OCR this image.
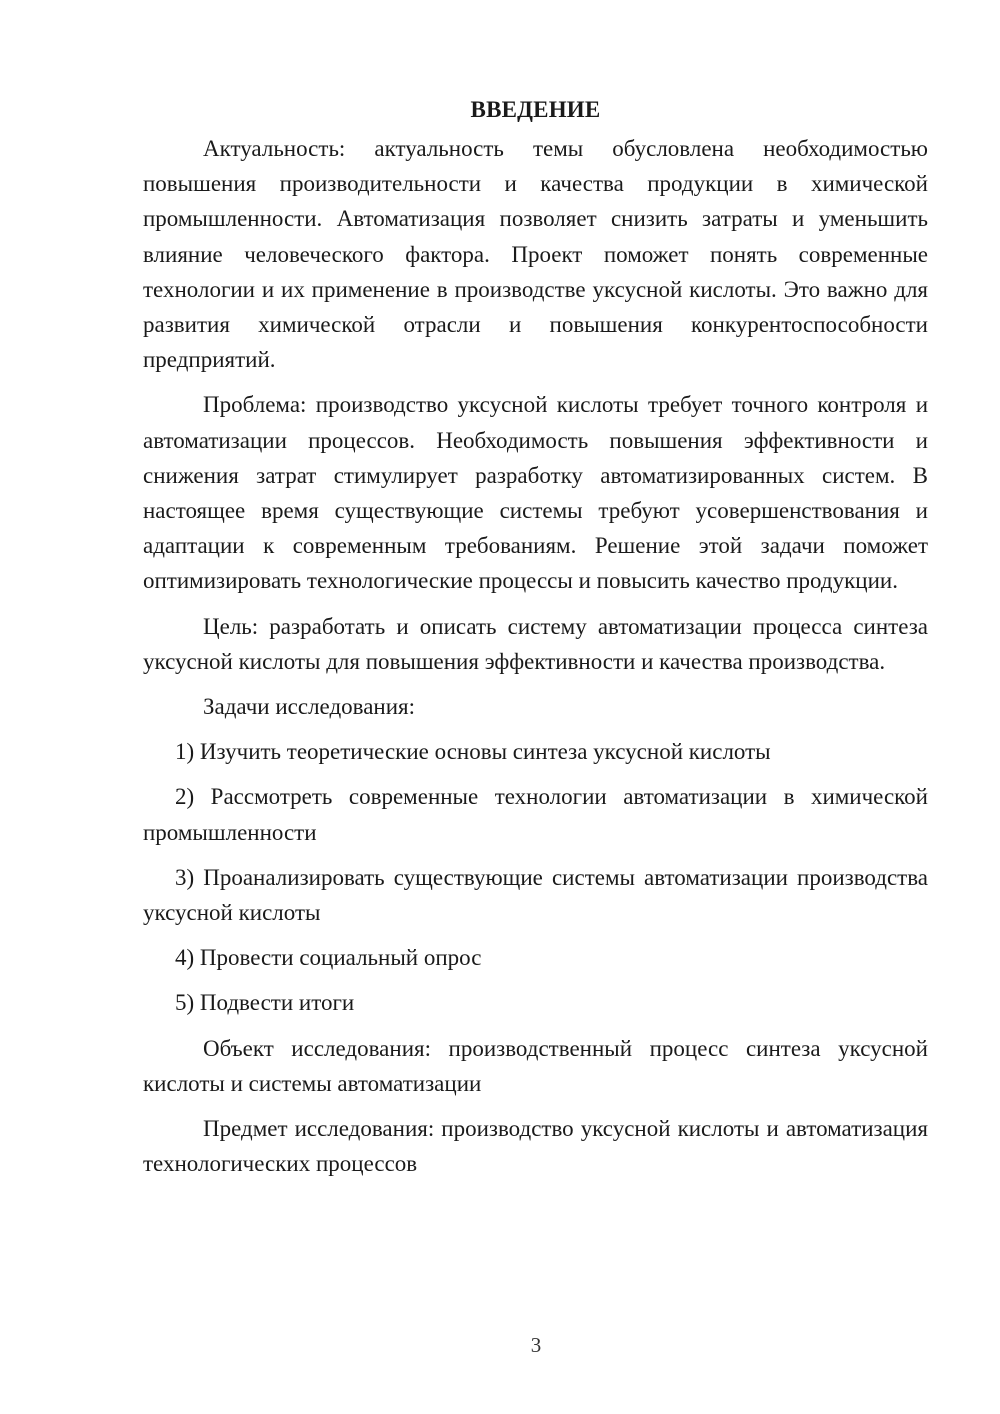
ВВЕДЕНИЕ

Актуальность: актуальность темы обусловлена необходимостью повышения производительности и качества продукции в химической промышленности. Автоматизация позволяет снизить затраты и уменьшить влияние человеческого фактора. Проект поможет понять современные технологии и их применение в производстве уксусной кислоты. Это важно для развития химической отрасли и повышения конкурентоспособности предприятий.

Проблема: производство уксусной кислоты требует точного контроля и автоматизации процессов. Необходимость повышения эффективности и снижения затрат стимулирует разработку автоматизированных систем. В настоящее время существующие системы требуют усовершенствования и адаптации к современным требованиям. Решение этой задачи поможет оптимизировать технологические процессы и повысить качество продукции.

Цель: разработать и описать систему автоматизации процесса синтеза уксусной кислоты для повышения эффективности и качества производства.

Задачи исследования:

1) Изучить теоретические основы синтеза уксусной кислоты

2) Рассмотреть современные технологии автоматизации в химической промышленности

3) Проанализировать существующие системы автоматизации производства уксусной кислоты

4) Провести социальный опрос

5) Подвести итоги

Объект исследования: производственный процесс синтеза уксусной кислоты и системы автоматизации

Предмет исследования: производство уксусной кислоты и автоматизация технологических процессов

3
